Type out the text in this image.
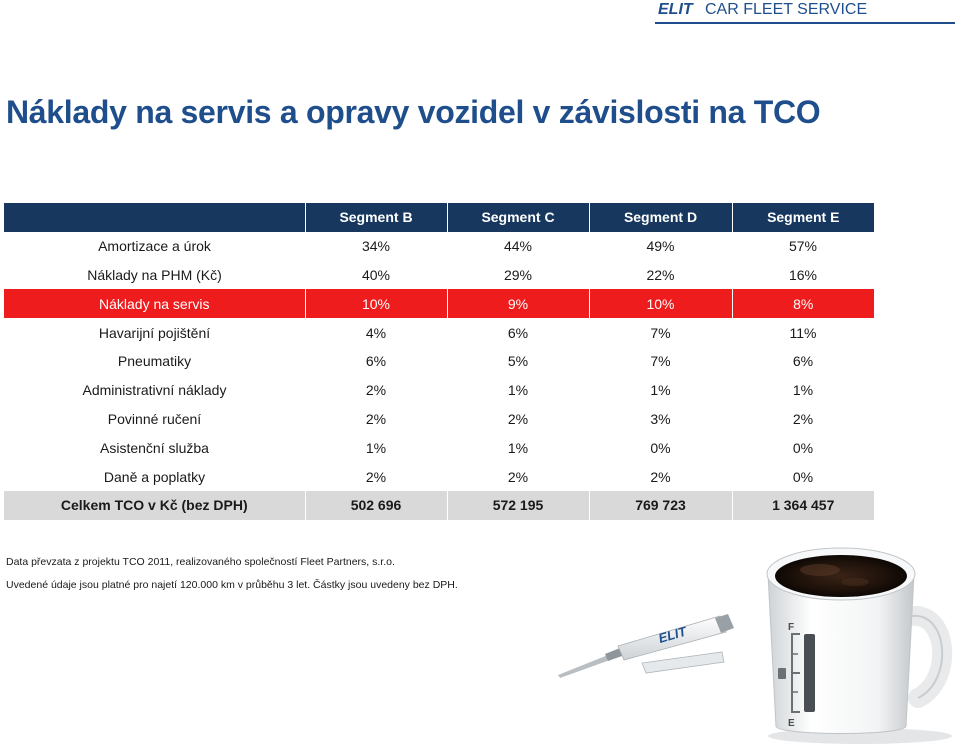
ELIT CAR FLEET SERVICE
Náklady na servis a opravy vozidel v závislosti na TCO
	Segment B	Segment C	Segment D	Segment E
Amortizace a úrok	34%	44%	49%	57%
Náklady na PHM (Kč)	40%	29%	22%	16%
Náklady na servis	10%	9%	10%	8%
Havarijní pojištění	4%	6%	7%	11%
Pneumatiky	6%	5%	7%	6%
Administrativní náklady	2%	1%	1%	1%
Povinné ručení	2%	2%	3%	2%
Asistenční služba	1%	1%	0%	0%
Daně a poplatky	2%	2%	2%	0%
Celkem TCO v Kč (bez DPH)	502 696	572 195	769 723	1 364 457

Data převzata z projektu TCO 2011, realizovaného společností Fleet Partners, s.r.o.

Uvedené údaje jsou platné pro najetí 120.000 km v průběhu 3 let. Částky jsou uvedeny bez DPH.

ELIT	F
E
